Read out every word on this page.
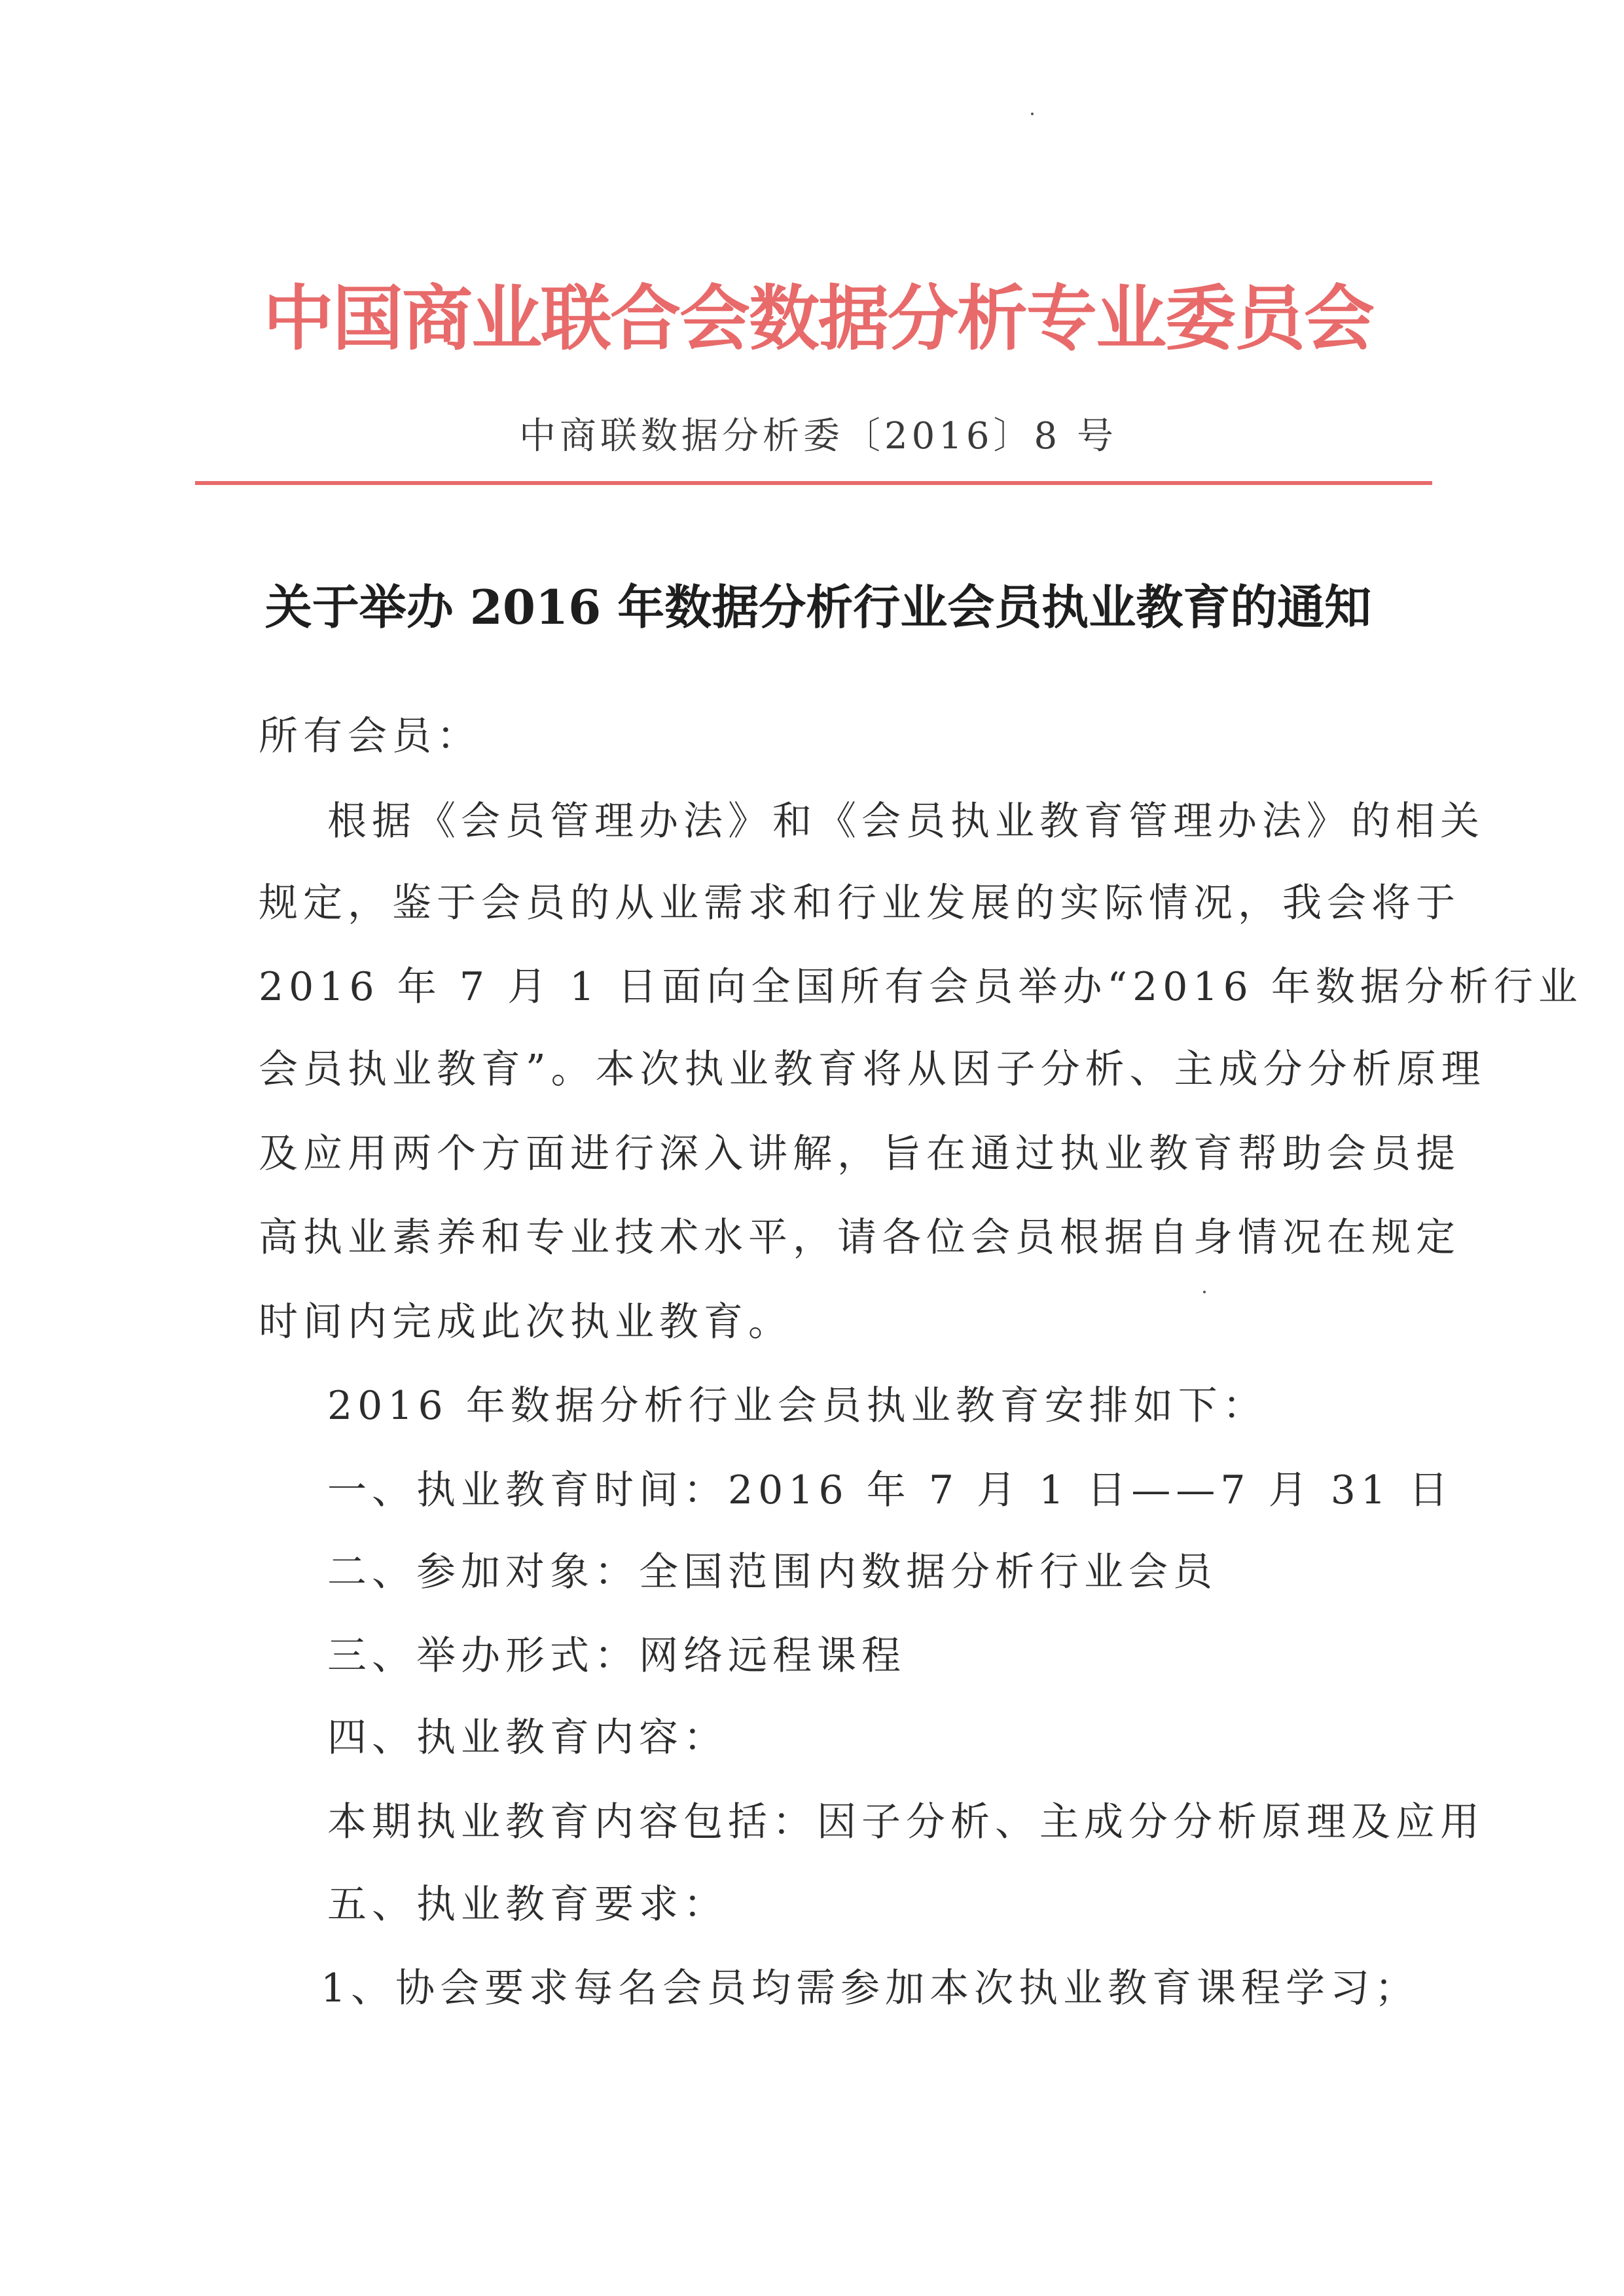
中国商业联合会数据分析专业委员会
中商联数据分析委〔2016〕8 号
关于举办 2016 年数据分析行业会员执业教育的通知
所有会员：
根据《会员管理办法》和《会员执业教育管理办法》的相关
规定，鉴于会员的从业需求和行业发展的实际情况，我会将于
2016 年 7 月 1 日面向全国所有会员举办“2016 年数据分析行业
会员执业教育”。本次执业教育将从因子分析、主成分分析原理
及应用两个方面进行深入讲解，旨在通过执业教育帮助会员提
高执业素养和专业技术水平，请各位会员根据自身情况在规定
时间内完成此次执业教育。
2016 年数据分析行业会员执业教育安排如下：
一、执业教育时间：2016 年 7 月 1 日——7 月 31 日
二、参加对象：全国范围内数据分析行业会员
三、举办形式：网络远程课程
四、执业教育内容：
本期执业教育内容包括：因子分析、主成分分析原理及应用
五、执业教育要求：
1、协会要求每名会员均需参加本次执业教育课程学习；
